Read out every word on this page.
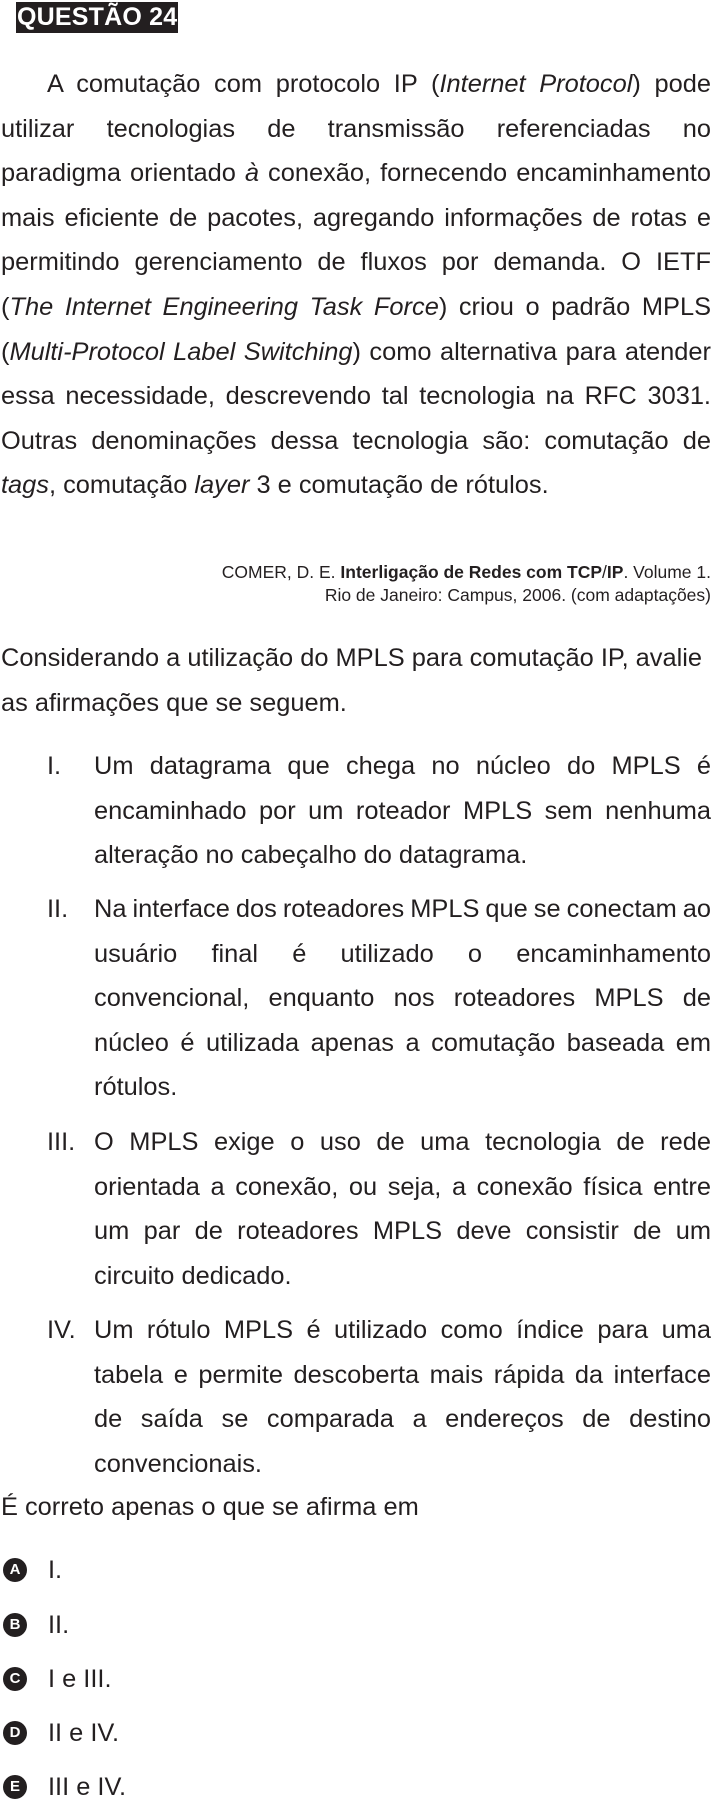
QUESTÃO 24
A comutação com protocolo IP (Internet Protocol) pode utilizar tecnologias de transmissão referenciadas no paradigma orientado à conexão, fornecendo encaminhamento mais eficiente de pacotes, agregando informações de rotas e permitindo gerenciamento de fluxos por demanda. O IETF (The Internet Engineering Task Force) criou o padrão MPLS (Multi-Protocol Label Switching) como alternativa para atender essa necessidade, descrevendo tal tecnologia na RFC 3031. Outras denominações dessa tecnologia são: comutação de tags, comutação layer 3 e comutação de rótulos.
COMER, D. E. Interligação de Redes com TCP/IP. Volume 1.
Rio de Janeiro: Campus, 2006. (com adaptações)
Considerando a utilização do MPLS para comutação IP, avalie as afirmações que se seguem.
I.	Um datagrama que chega no núcleo do MPLS é encaminhado por um roteador MPLS sem nenhuma alteração no cabeçalho do datagrama.
II.	Na interface dos roteadores MPLS que se conectam ao usuário final é utilizado o encaminhamento convencional, enquanto nos roteadores MPLS de núcleo é utilizada apenas a comutação baseada em rótulos.
III. O MPLS exige o uso de uma tecnologia de rede orientada a conexão, ou seja, a conexão física entre um par de roteadores MPLS deve consistir de um circuito dedicado.
IV. Um rótulo MPLS é utilizado como índice para uma tabela e permite descoberta mais rápida da interface de saída se comparada a endereços de destino convencionais.
É correto apenas o que se afirma em
A I.
B II.
C I e III.
D II e IV.
E III e IV.
